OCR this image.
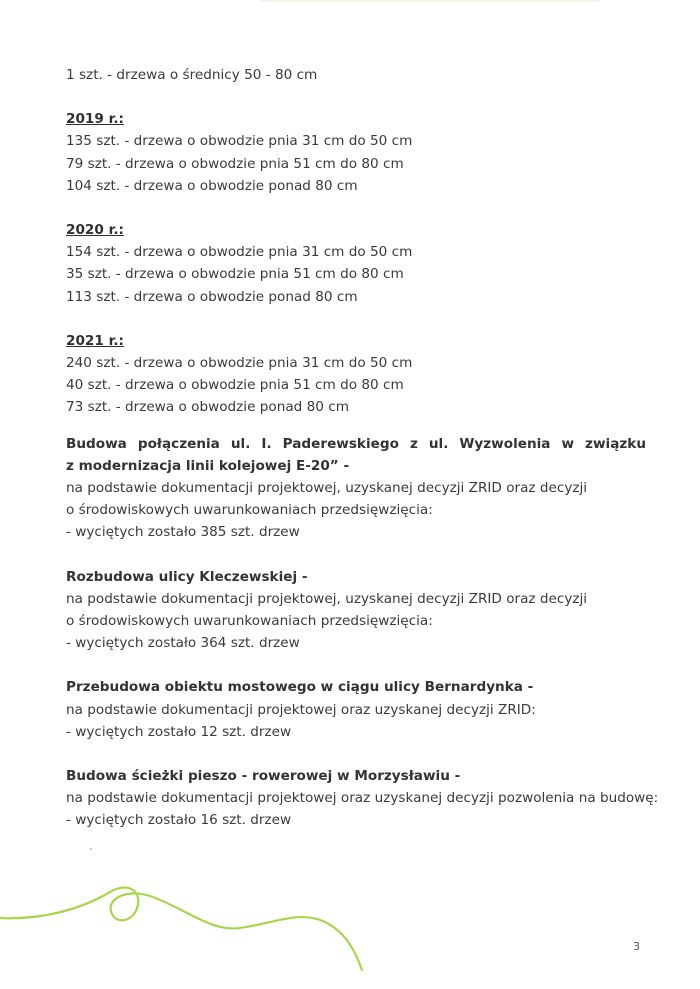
1 szt. - drzewa o średnicy 50 - 80 cm

2019 r.:

135 szt. - drzewa o obwodzie pnia 31 cm do 50 cm

79 szt. - drzewa o obwodzie pnia 51 cm do 80 cm

104 szt. - drzewa o obwodzie ponad 80 cm

2020 r.:

154 szt. - drzewa o obwodzie pnia 31 cm do 50 cm

35 szt. - drzewa o obwodzie pnia 51 cm do 80 cm

113 szt. - drzewa o obwodzie ponad 80 cm

2021 r.:

240 szt. - drzewa o obwodzie pnia 31 cm do 50 cm

40 szt. - drzewa o obwodzie pnia 51 cm do 80 cm

73 szt. - drzewa o obwodzie ponad 80 cm

Budowa połączenia ul. I. Paderewskiego z ul. Wyzwolenia w związku

z modernizacja linii kolejowej E-20” -

na podstawie dokumentacji projektowej, uzyskanej decyzji ZRID oraz decyzji

o środowiskowych uwarunkowaniach przedsięwzięcia:

- wyciętych zostało 385 szt. drzew

Rozbudowa ulicy Kleczewskiej -

na podstawie dokumentacji projektowej, uzyskanej decyzji ZRID oraz decyzji

o środowiskowych uwarunkowaniach przedsięwzięcia:

- wyciętych zostało 364 szt. drzew

Przebudowa obiektu mostowego w ciągu ulicy Bernardynka -

na podstawie dokumentacji projektowej oraz uzyskanej decyzji ZRID:

- wyciętych zostało 12 szt. drzew

Budowa ścieżki pieszo - rowerowej w Morzysławiu -

na podstawie dokumentacji projektowej oraz uzyskanej decyzji pozwolenia na budowę:

- wyciętych zostało 16 szt. drzew

3
